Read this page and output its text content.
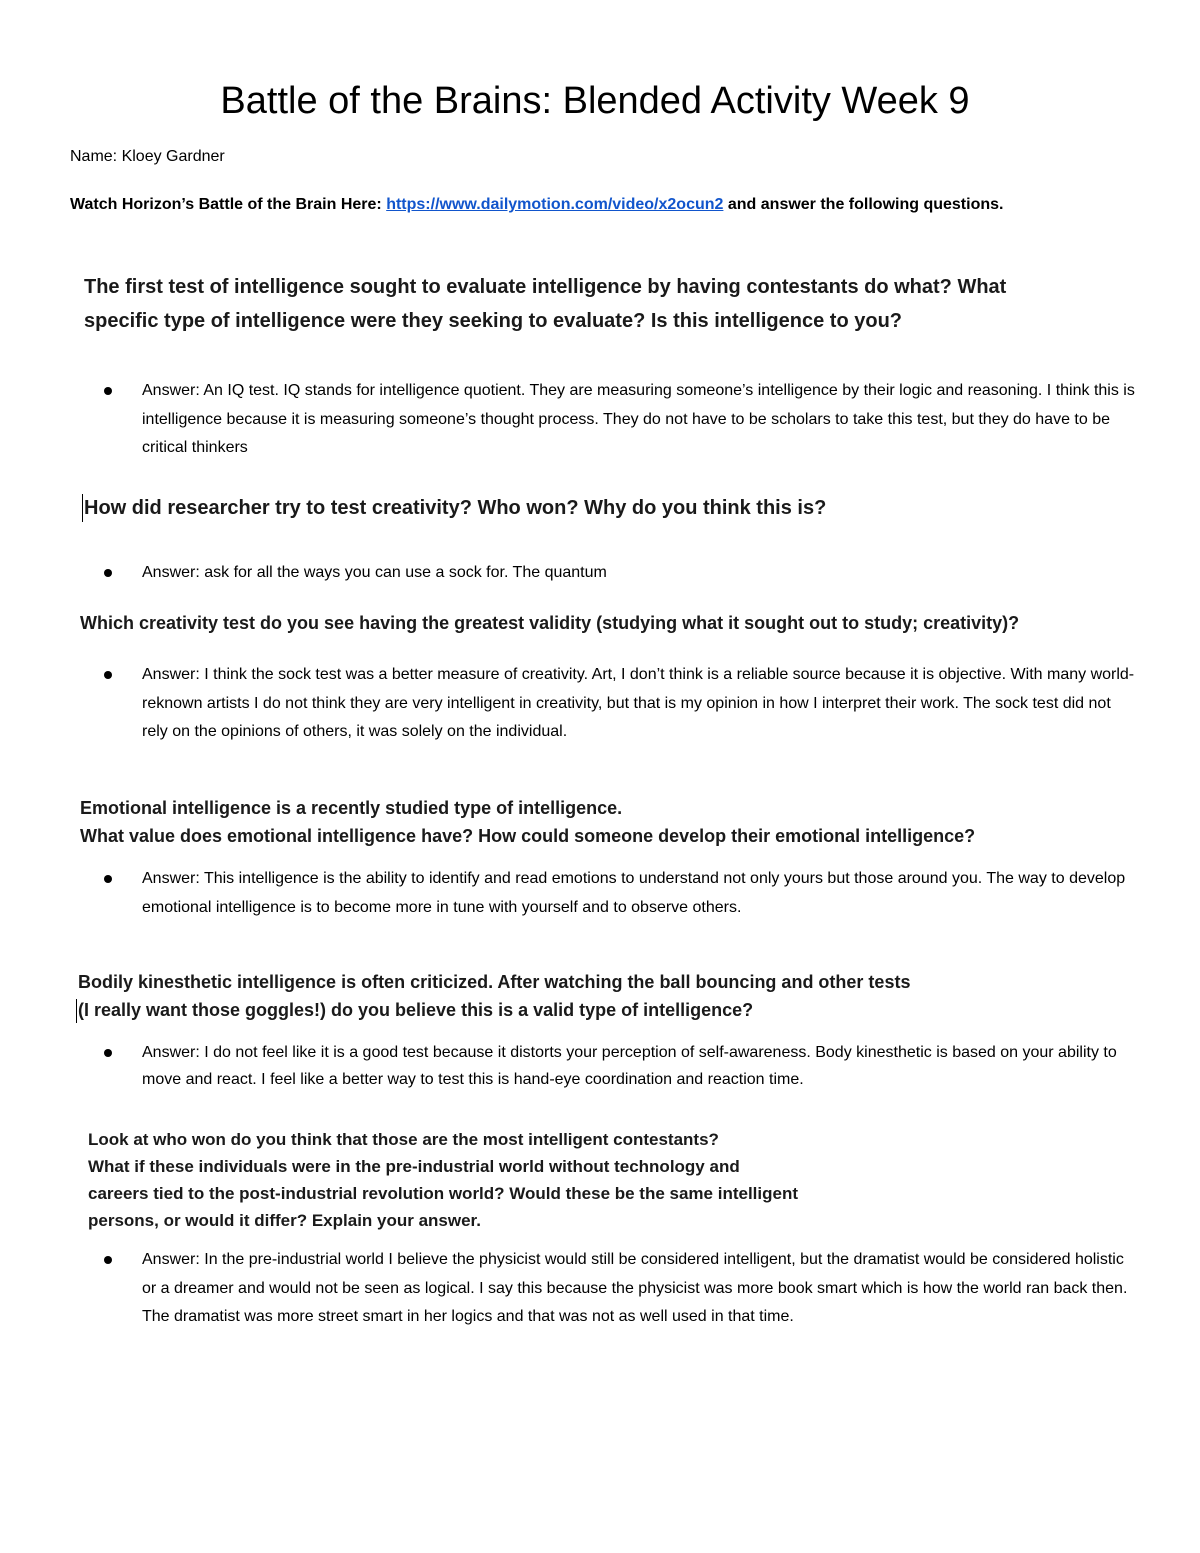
Battle of the Brains: Blended Activity Week 9
Name: Kloey Gardner
Watch Horizon’s Battle of the Brain Here: https://www.dailymotion.com/video/x2ocun2 and answer the following questions.
The first test of intelligence sought to evaluate intelligence by having contestants do what? What
specific type of intelligence were they seeking to evaluate? Is this intelligence to you?
Answer: An IQ test. IQ stands for intelligence quotient. They are measuring someone’s intelligence by their logic and reasoning. I think this is intelligence because it is measuring someone’s thought process. They do not have to be scholars to take this test, but they do have to be critical thinkers
How did researcher try to test creativity? Who won? Why do you think this is?
Answer: ask for all the ways you can use a sock for. The quantum
Which creativity test do you see having the greatest validity (studying what it sought out to study; creativity)?
Answer: I think the sock test was a better measure of creativity. Art, I don’t think is a reliable source because it is objective. With many world-reknown artists I do not think they are very intelligent in creativity, but that is my opinion in how I interpret their work. The sock test did not rely on the opinions of others, it was solely on the individual.
Emotional intelligence is a recently studied type of intelligence.
What value does emotional intelligence have? How could someone develop their emotional intelligence?
Answer: This intelligence is the ability to identify and read emotions to understand not only yours but those around you. The way to develop emotional intelligence is to become more in tune with yourself and to observe others.
Bodily kinesthetic intelligence is often criticized. After watching the ball bouncing and other tests
(I really want those goggles!) do you believe this is a valid type of intelligence?
Answer: I do not feel like it is a good test because it distorts your perception of self-awareness. Body kinesthetic is based on your ability to move and react. I feel like a better way to test this is hand-eye coordination and reaction time.
Look at who won do you think that those are the most intelligent contestants?
What if these individuals were in the pre-industrial world without technology and
careers tied to the post-industrial revolution world? Would these be the same intelligent
persons, or would it differ? Explain your answer.
Answer: In the pre-industrial world I believe the physicist would still be considered intelligent, but the dramatist would be considered holistic or a dreamer and would not be seen as logical. I say this because the physicist was more book smart which is how the world ran back then. The dramatist was more street smart in her logics and that was not as well used in that time.
